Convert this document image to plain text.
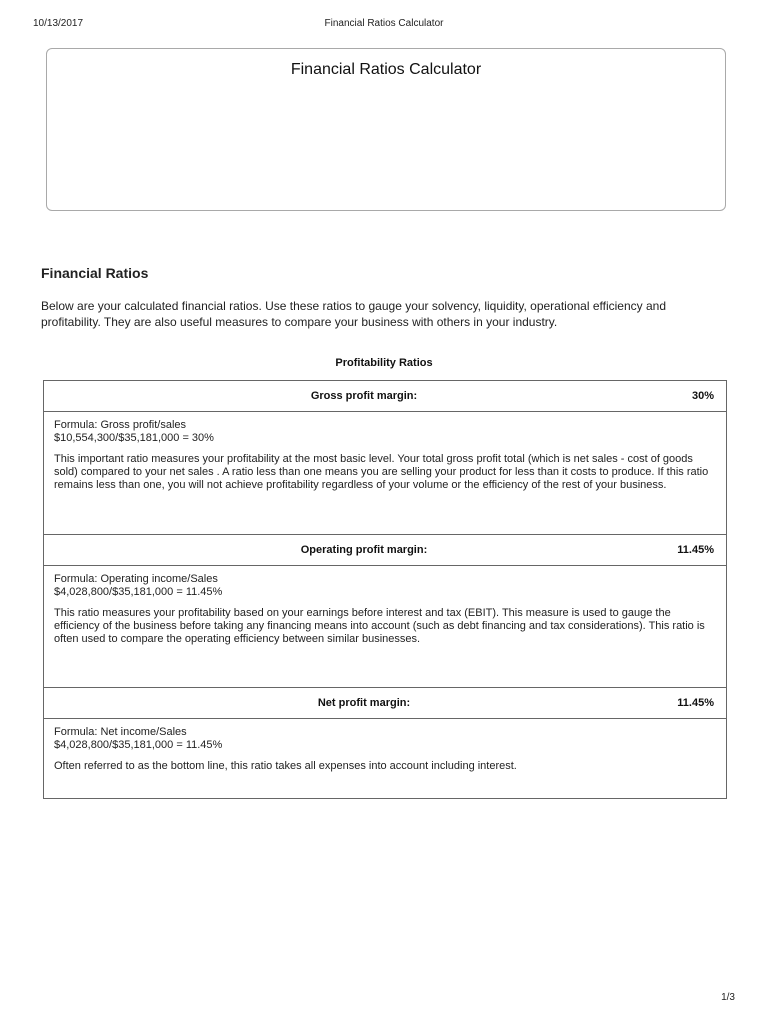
10/13/2017	Financial Ratios Calculator
Financial Ratios Calculator
Financial Ratios

Below are your calculated financial ratios. Use these ratios to gauge your solvency, liquidity, operational efficiency and profitability. They are also useful measures to compare your business with others in your industry.

Profitability Ratios
Gross profit margin:	30%

Formula: Gross profit/sales

$10,554,300/$35,181,000 = 30%

This important ratio measures your profitability at the most basic level. Your total gross profit total (which is net sales - cost of goods sold) compared to your net sales . A ratio less than one means you are selling your product for less than it costs to produce. If this ratio remains less than one, you will not achieve profitability regardless of your volume or the efficiency of the rest of your business.

Operating profit margin:	11.45%

Formula: Operating income/Sales

$4,028,800/$35,181,000 = 11.45%

This ratio measures your profitability based on your earnings before interest and tax (EBIT). This measure is used to gauge the efficiency of the business before taking any financing means into account (such as debt financing and tax considerations). This ratio is often used to compare the operating efficiency between similar businesses.

Net profit margin:	11.45%

Formula: Net income/Sales

$4,028,800/$35,181,000 = 11.45%

Often referred to as the bottom line, this ratio takes all expenses into account including interest.

1/3
